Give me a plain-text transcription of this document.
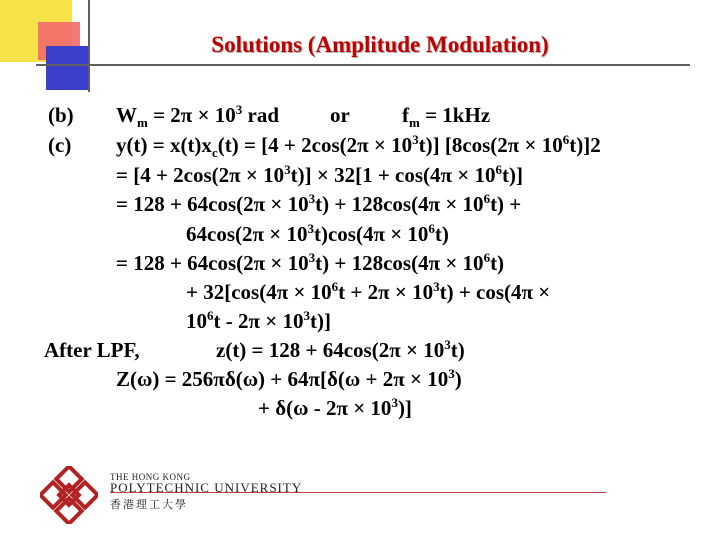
Solutions (Amplitude Modulation)
(b) $W_m = 2\pi \times 10^3$ rad or $f_m = 1kHz$
(c) $y(t) = x(t)x_c(t) = [4 + 2\cos(2\pi \times 10^3t)] [8\cos(2\pi \times 10^6t)]2$
= $[4 + 2\cos(2\pi \times 10^3t)] \times 32[1 + \cos(4\pi \times 10^6t)]$
= $128 + 64\cos(2\pi \times 10^3t) + 128\cos(4\pi \times 10^6t)$ +
$64\cos(2\pi \times 10^3t)\cos(4\pi \times 10^6t)$
= $128 + 64\cos(2\pi \times 10^3t) + 128\cos(4\pi \times 10^6t)$
+ $32[\cos(4\pi \times 10^6t + 2\pi \times 10^3t) + \cos(4\pi$ ×
$10^6t - 2\pi \times 10^3t$)]
After LPF,	$z(t) = 128 + 64\cos(2\pi \times 10^3t)$
$Z(\omega) = 256\pi\delta(\omega) + 64\pi[\delta(\omega + 2\pi \times 10^3)$
+ $\delta(\omega - 2\pi \times 10^3)$]
THE HONG KONG
POLYTECHNIC UNIVERSITY
香港理工大學
